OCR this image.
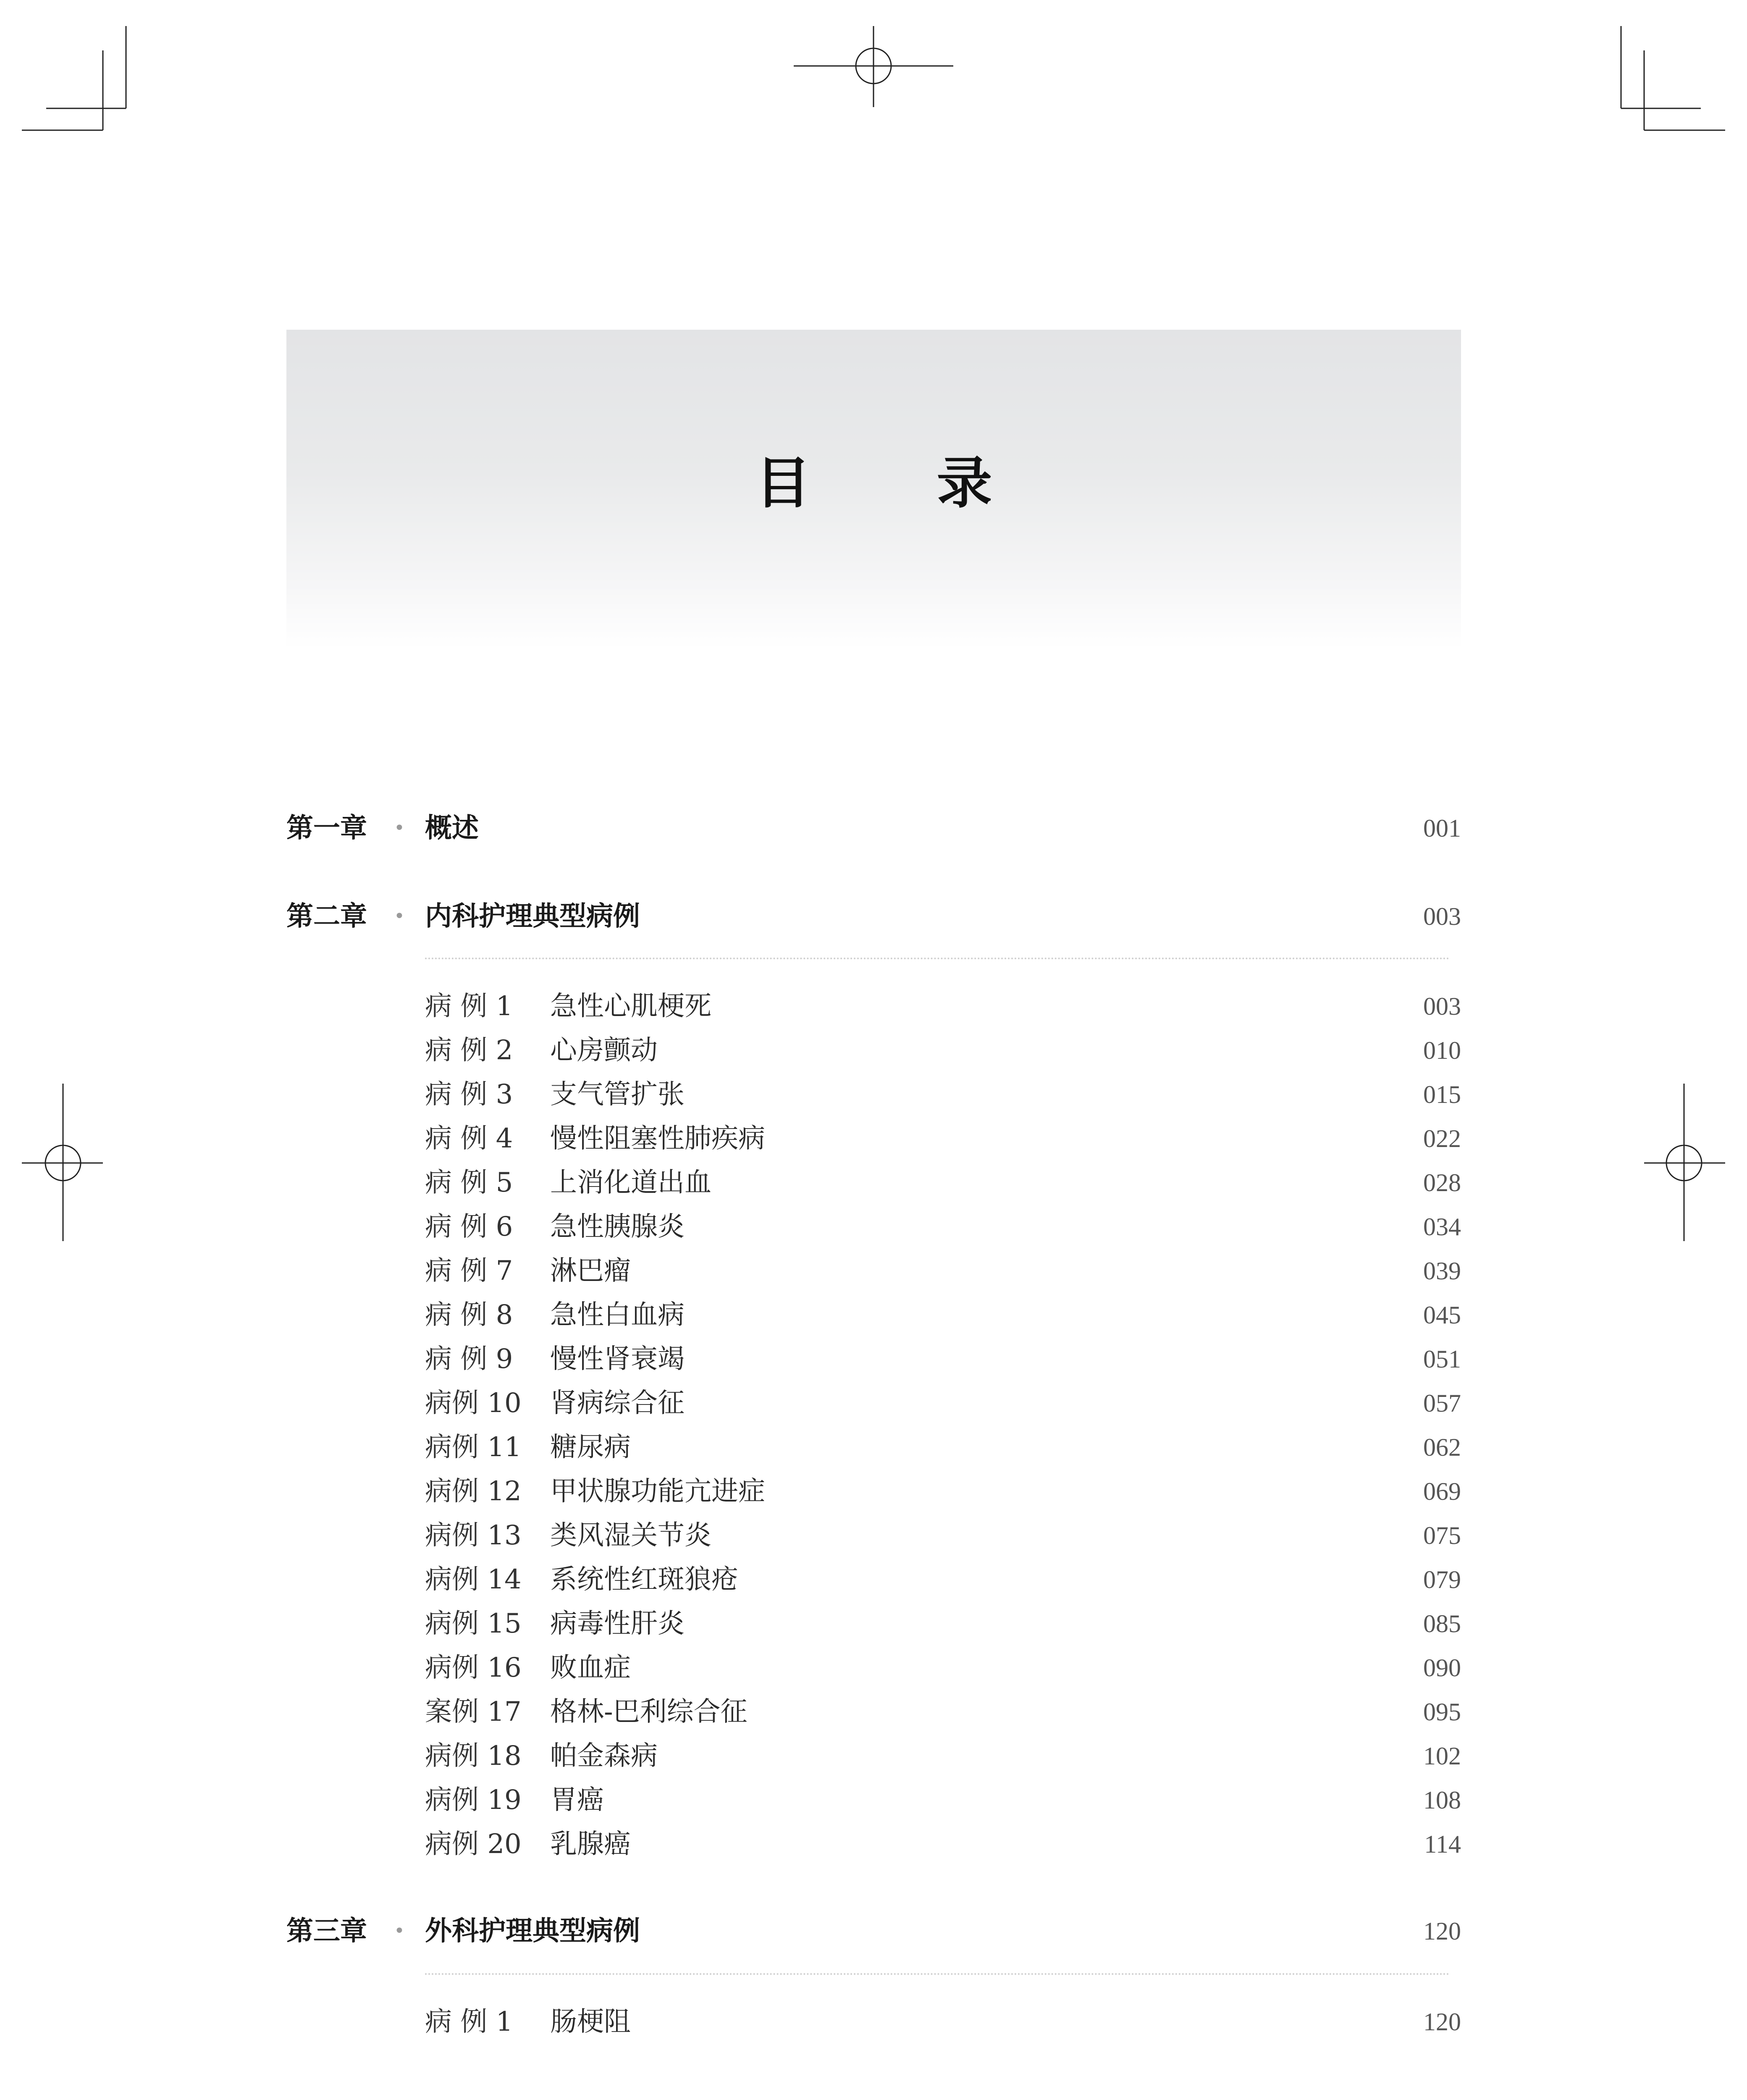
目录
第一章 • 概述	001
第二章 • 内科护理典型病例	003
病 例 1 急性心肌梗死	003
病 例 2 心房颤动	010
病 例 3 支气管扩张	015
病 例 4 慢性阻塞性肺疾病	022
病 例 5 上消化道出血	028
病 例 6 急性胰腺炎	034
病 例 7 淋巴瘤	039
病 例 8 急性白血病	045
病 例 9 慢性肾衰竭	051
病例 10 肾病综合征	057
病例 11 糖尿病	062
病例 12 甲状腺功能亢进症	069
病例 13 类风湿关节炎	075
病例 14 系统性红斑狼疮	079
病例 15 病毒性肝炎	085
病例 16 败血症	090
案例 17 格林-巴利综合征	095
病例 18 帕金森病	102
病例 19 胃癌	108
病例 20 乳腺癌	114
第三章 • 外科护理典型病例	120
病 例 1 肠梗阻	120
